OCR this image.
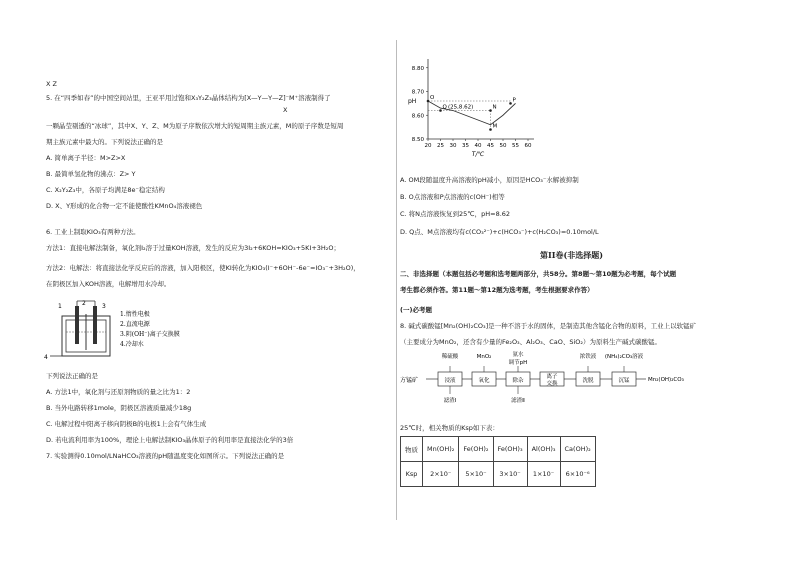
X Z
5. 在“四季如春”的中国空间站里，王亚平用过饱和X₃Y₂Z₃晶体结构为[X—Y—Y—Z]⁻M⁺溶液制得了
X
一颗晶莹剔透的“冰球”，其中X、Y、Z、M为原子序数依次增大的短周期主族元素，M的原子序数是短周
期主族元素中最大的。下列说法正确的是
A. 简单离子半径：M>Z>X
B. 最简单氢化物的沸点：Z> Y
C. X₂Y₂Z₃中，各原子均满足8e⁻稳定结构
D. X、Y形成的化合物一定不能使酸性KMnO₄溶液褪色
6. 工业上制取KIO₃有两种方法。
方法1：直接电解法制备，氧化剂I₂溶于过量KOH溶液，发生的反应为3I₂+6KOH=KIO₃+5KI+3H₂O；
方法2：电解法：将直接法化学反应后的溶液，加入阳极区，使KI转化为KIO₃(I⁻+6OH⁻-6e⁻=IO₃⁻+3H₂O)，
在阴极区加入KOH溶液，电解增用水冷却。
1	2	3
4
1.惰性电极
2.直流电源
3.阴(OH⁻)离子交换膜
4.冷却水
下列说法正确的是
A. 方法1中，氧化剂与还原剂物质的量之比为1：2
B. 当外电路转移1mole，阴极区溶液质量减少18g
C. 电解过程中阳离子移向阴极B的电极1上会有气体生成
D. 若电流利用率为100%，理论上电解法制KIO₃晶体原子的利用率是直接法化学的3倍
7. 实验测得0.10mol/LNaHCO₃溶液的pH随温度变化如图所示。下列说法正确的是
8.50
8.60
8.70
8.80
20 25 30 35 40 45 50 55 60
pH
T/℃
O
Q (25,8.62)	N
P
M
A. OM段随温度升高溶液的pH减小，原因是HCO₃⁻水解被抑制
B. O点溶液和P点溶液的c(OH⁻)相等
C. 将N点溶液恢复到25℃，pH=8.62
D. Q点、M点溶液均有c(CO₃²⁻)+c(HCO₃⁻)+c(H₂CO₃)=0.10mol/L
第II卷(非选择题)
二、非选择题（本题包括必考题和选考题两部分，共58分。第8题～第10题为必考题，每个试题
考生都必须作答。第11题～第12题为选考题，考生根据要求作答）
(一)必考题
8. 碱式碳酸锰[Mn₂(OH)₂CO₃]是一种不溶于水的固体，是制造其他含锰化合物的原料，工业上以软锰矿
（主要成分为MnO₂，还含有少量的Fe₂O₃、Al₂O₃、CaO、SiO₂）为原料生产碱式碳酸锰。
方锰矿	浸液	氧化	除杂
离子
交换	洗脱	沉锰	Mn₂(OH)₂CO₃
稀硫酸	MnO₂	氨水
调节pH
浓铁液 (NH₄)₂CO₃溶液
滤渣Ⅰ	滤渣Ⅱ
25℃时，相关物质的Ksp如下表：
物质	Mn(OH)₂	Fe(OH)₂	Fe(OH)₃	Al(OH)₃	Ca(OH)₂
Ksp	2×10⁻	5×10⁻	3×10⁻	1×10⁻	6×10⁻⁶
